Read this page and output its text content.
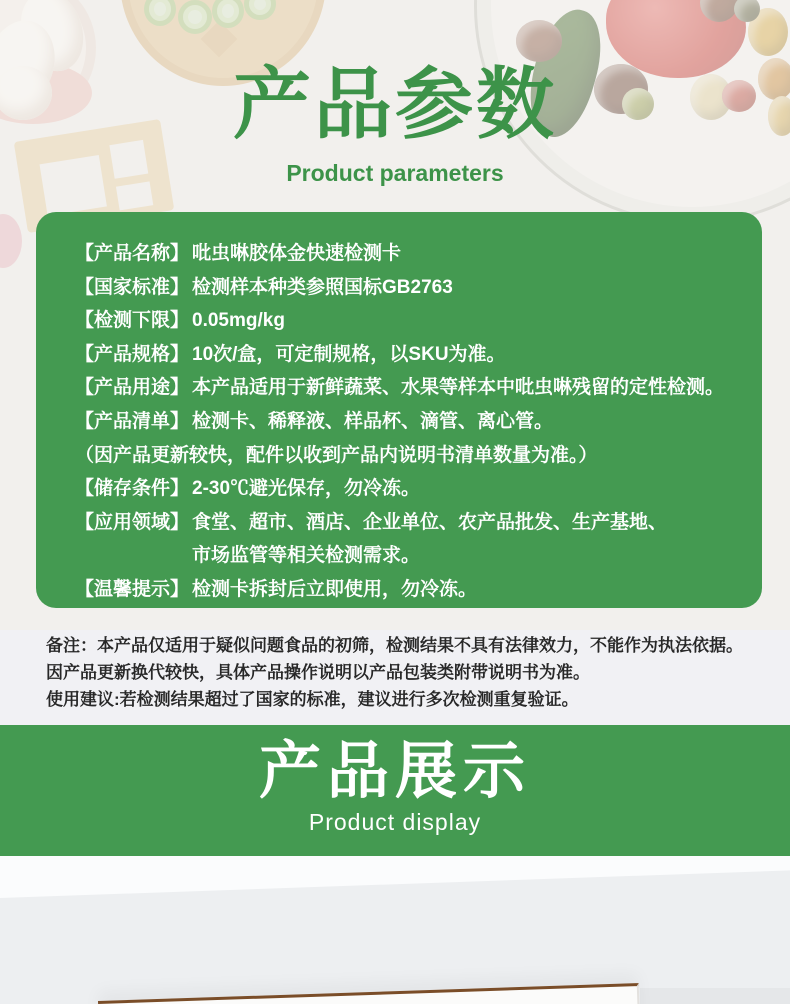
产品参数

Product parameters

【产品名称】 吡虫啉胶体金快速检测卡
【国家标准】 检测样本种类参照国标GB2763
【检测下限】 0.05mg/kg
【产品规格】 10次/盒，可定制规格，以SKU为准。
【产品用途】 本产品适用于新鲜蔬菜、水果等样本中吡虫啉残留的定性检测。
【产品清单】 检测卡、稀释液、样品杯、滴管、离心管。
（因产品更新较快，配件以收到产品内说明书清单数量为准。）
【储存条件】 2-30℃避光保存，勿冷冻。
【应用领域】 食堂、超市、酒店、企业单位、农产品批发、生产基地、
市场监管等相关检测需求。
【温馨提示】 检测卡拆封后立即使用，勿冷冻。
备注：本产品仅适用于疑似问题食品的初筛，检测结果不具有法律效力，不能作为执法依据。
因产品更新换代较快，具体产品操作说明以产品包装类附带说明书为准。
使用建议:若检测结果超过了国家的标准，建议进行多次检测重复验证。
产品展示

Product display
